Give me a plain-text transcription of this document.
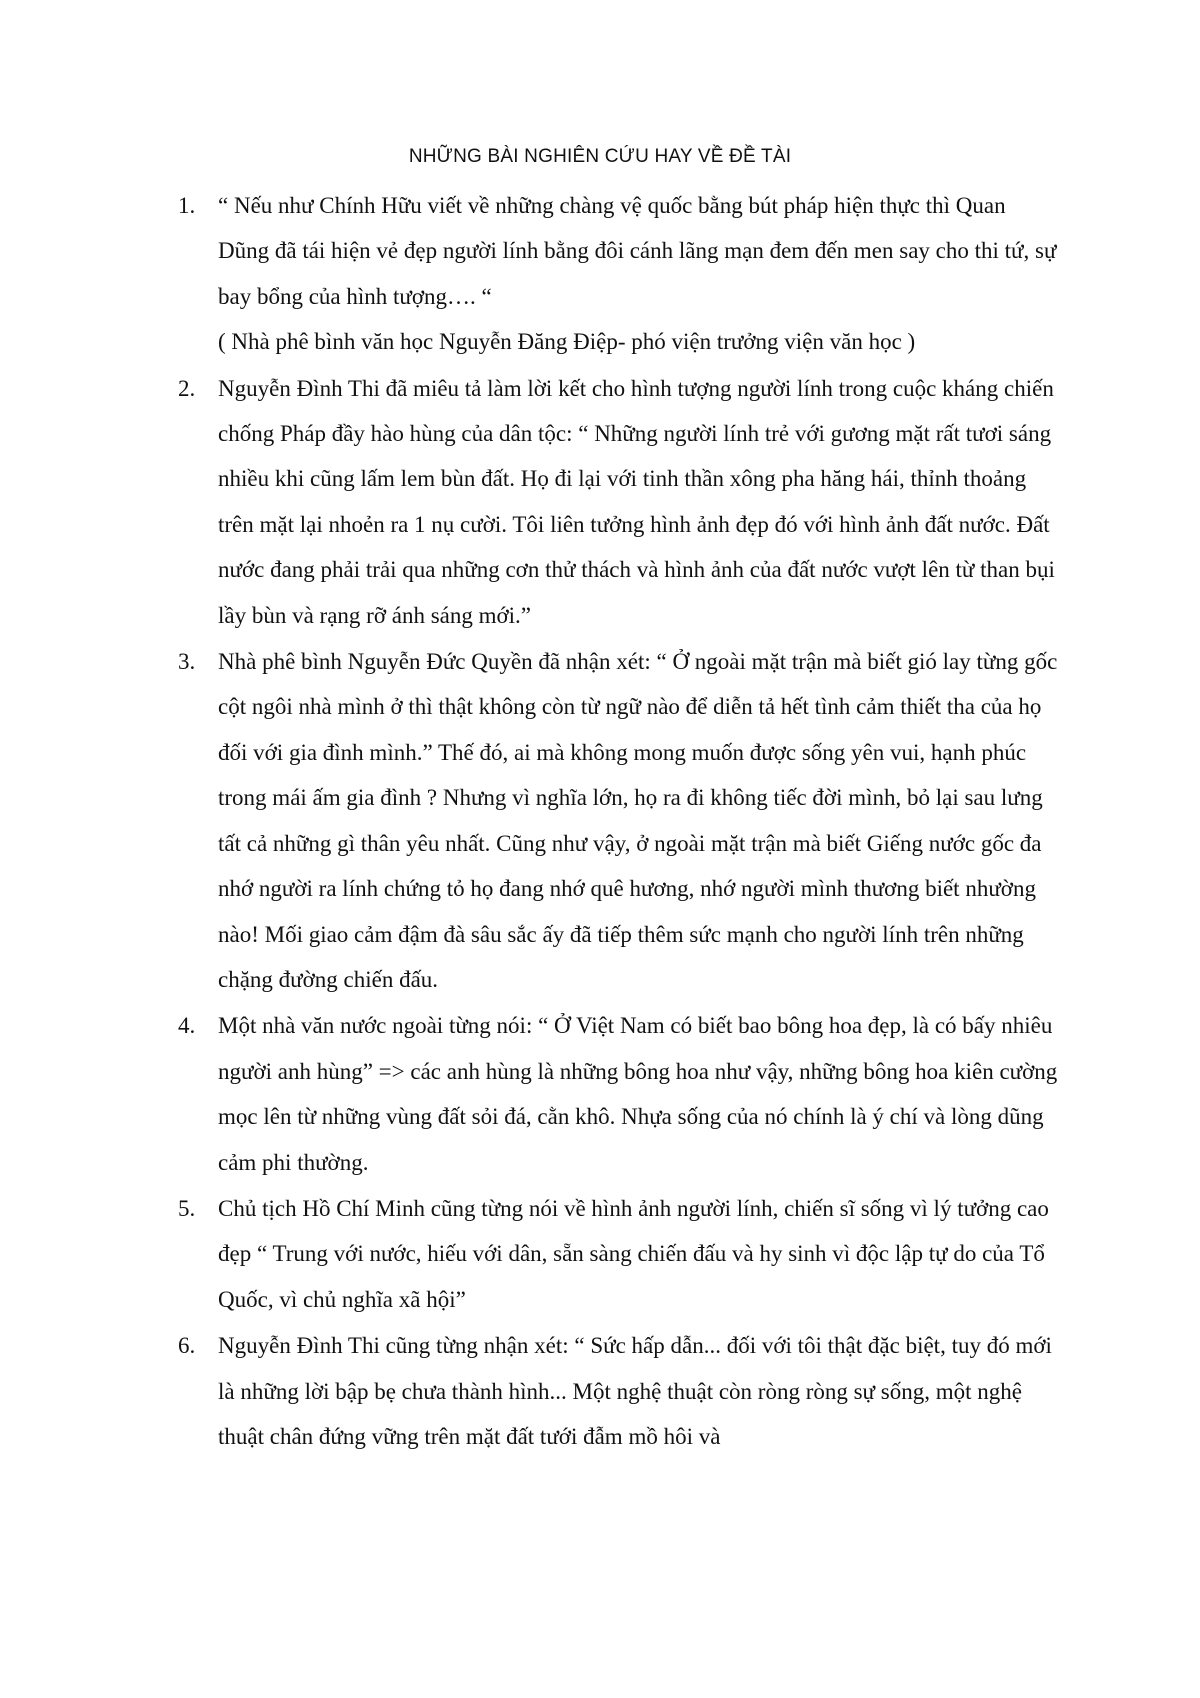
NHỮNG BÀI NGHIÊN CỨU HAY VỀ ĐỀ TÀI
1. “ Nếu như Chính Hữu viết về những chàng vệ quốc bằng bút pháp hiện thực thì Quan Dũng đã tái hiện vẻ đẹp người lính bằng đôi cánh lãng mạn đem đến men say cho thi tứ, sự bay bổng của hình tượng…. “
( Nhà phê bình văn học Nguyễn Đăng Điệp- phó viện trưởng viện văn học )
2. Nguyễn Đình Thi đã miêu tả làm lời kết cho hình tượng người lính trong cuộc kháng chiến chống Pháp đầy hào hùng của dân tộc: “ Những người lính trẻ với gương mặt rất tươi sáng nhiều khi cũng lấm lem bùn đất. Họ đi lại với tinh thần xông pha hăng hái, thỉnh thoảng trên mặt lại nhoẻn ra 1 nụ cười. Tôi liên tưởng hình ảnh đẹp đó với hình ảnh đất nước. Đất nước đang phải trải qua những cơn thử thách và hình ảnh của đất nước vượt lên từ than bụi lầy bùn và rạng rỡ ánh sáng mới.”
3. Nhà phê bình Nguyễn Đức Quyền đã nhận xét: “ Ở ngoài mặt trận mà biết gió lay từng gốc cột ngôi nhà mình ở thì thật không còn từ ngữ nào để diễn tả hết tình cảm thiết tha của họ đối với gia đình mình.” Thế đó, ai mà không mong muốn được sống yên vui, hạnh phúc trong mái ấm gia đình ? Nhưng vì nghĩa lớn, họ ra đi không tiếc đời mình, bỏ lại sau lưng tất cả những gì thân yêu nhất. Cũng như vậy, ở ngoài mặt trận mà biết Giếng nước gốc đa nhớ người ra lính chứng tỏ họ đang nhớ quê hương, nhớ người mình thương biết nhường nào! Mối giao cảm đậm đà sâu sắc ấy đã tiếp thêm sức mạnh cho người lính trên những chặng đường chiến đấu.
4. Một nhà văn nước ngoài từng nói: “ Ở Việt Nam có biết bao bông hoa đẹp, là có bấy nhiêu người anh hùng” => các anh hùng là những bông hoa như vậy, những bông hoa kiên cường mọc lên từ những vùng đất sỏi đá, cằn khô. Nhựa sống của nó chính là ý chí và lòng dũng cảm phi thường.
5. Chủ tịch Hồ Chí Minh cũng từng nói về hình ảnh người lính, chiến sĩ sống vì lý tưởng cao đẹp “ Trung với nước, hiếu với dân, sẵn sàng chiến đấu và hy sinh vì độc lập tự do của Tổ Quốc, vì chủ nghĩa xã hội”
6. Nguyễn Đình Thi cũng từng nhận xét: “ Sức hấp dẫn... đối với tôi thật đặc biệt, tuy đó mới là những lời bập bẹ chưa thành hình... Một nghệ thuật còn ròng ròng sự sống, một nghệ thuật chân đứng vững trên mặt đất tưới đẫm mồ hôi và
